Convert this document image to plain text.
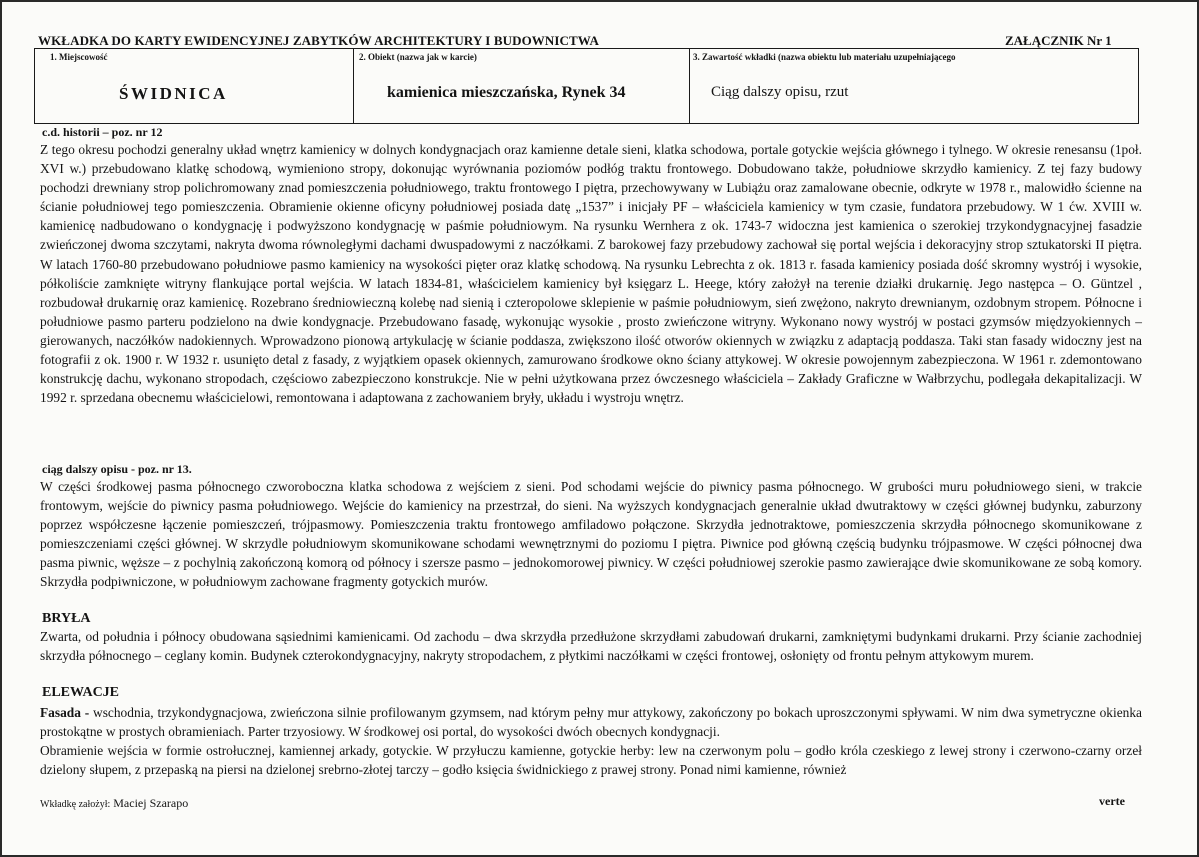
WKŁADKA DO KARTY EWIDENCYJNEJ ZABYTKÓW ARCHITEKTURY I BUDOWNICTWA	ZAŁĄCZNIK Nr 1
1. Miejscowość
ŚWIDNICA
2. Obiekt (nazwa jak w karcie)
kamienica mieszczańska, Rynek 34
3. Zawartość wkładki (nazwa obiektu lub materiału uzupełniającego
Ciąg dalszy opisu, rzut
c.d. historii – poz. nr 12

Z tego okresu pochodzi generalny układ wnętrz kamienicy w dolnych kondygnacjach oraz kamienne detale sieni, klatka schodowa, portale gotyckie wejścia głównego i tylnego. W okresie renesansu (1poł. XVI w.) przebudowano klatkę schodową, wymieniono stropy, dokonując wyrównania poziomów podłóg traktu frontowego. Dobudowano także, południowe skrzydło kamienicy. Z tej fazy budowy pochodzi drewniany strop polichromowany znad pomieszczenia południowego, traktu frontowego I piętra, przechowywany w Lubiążu oraz zamalowane obecnie, odkryte w 1978 r., malowidło ścienne na ścianie południowej tego pomieszczenia. Obramienie okienne oficyny południowej posiada datę „1537” i inicjały PF – właściciela kamienicy w tym czasie, fundatora przebudowy. W 1 ćw. XVIII w. kamienicę nadbudowano o kondygnację i podwyższono kondygnację w paśmie południowym. Na rysunku Wernhera z ok. 1743-7 widoczna jest kamienica o szerokiej trzykondygnacyjnej fasadzie zwieńczonej dwoma szczytami, nakryta dwoma równoległymi dachami dwuspadowymi z naczółkami. Z barokowej fazy przebudowy zachował się portal wejścia i dekoracyjny strop sztukatorski II piętra. W latach 1760-80 przebudowano południowe pasmo kamienicy na wysokości pięter oraz klatkę schodową. Na rysunku Lebrechta z ok. 1813 r. fasada kamienicy posiada dość skromny wystrój i wysokie, półkoliście zamknięte witryny flankujące portal wejścia. W latach 1834-81, właścicielem kamienicy był księgarz L. Heege, który założył na terenie działki drukarnię. Jego następca – O. Güntzel , rozbudował drukarnię oraz kamienicę. Rozebrano średniowieczną kolebę nad sienią i czteropolowe sklepienie w paśmie południowym, sień zwężono, nakryto drewnianym, ozdobnym stropem. Północne i południowe pasmo parteru podzielono na dwie kondygnacje. Przebudowano fasadę, wykonując wysokie , prosto zwieńczone witryny. Wykonano nowy wystrój w postaci gzymsów międzyokiennych – gierowanych, naczółków nadokiennych. Wprowadzono pionową artykulację w ścianie poddasza, zwiększono ilość otworów okiennych w związku z adaptacją poddasza. Taki stan fasady widoczny jest na fotografii z ok. 1900 r. W 1932 r. usunięto detal z fasady, z wyjątkiem opasek okiennych, zamurowano środkowe okno ściany attykowej. W okresie powojennym zabezpieczona. W 1961 r. zdemontowano konstrukcję dachu, wykonano stropodach, częściowo zabezpieczono konstrukcje. Nie w pełni użytkowana przez ówczesnego właściciela – Zakłady Graficzne w Wałbrzychu, podlegała dekapitalizacji. W 1992 r. sprzedana obecnemu właścicielowi, remontowana i adaptowana z zachowaniem bryły, układu i wystroju wnętrz.

ciąg dalszy opisu - poz. nr 13.

W części środkowej pasma północnego czworoboczna klatka schodowa z wejściem z sieni. Pod schodami wejście do piwnicy pasma północnego. W grubości muru południowego sieni, w trakcie frontowym, wejście do piwnicy pasma południowego. Wejście do kamienicy na przestrzał, do sieni. Na wyższych kondygnacjach generalnie układ dwutraktowy w części głównej budynku, zaburzony poprzez współczesne łączenie pomieszczeń, trójpasmowy. Pomieszczenia traktu frontowego amfiladowo połączone. Skrzydła jednotraktowe, pomieszczenia skrzydła północnego skomunikowane z pomieszczeniami części głównej. W skrzydle południowym skomunikowane schodami wewnętrznymi do poziomu I piętra. Piwnice pod główną częścią budynku trójpasmowe. W części północnej dwa pasma piwnic, węższe – z pochylnią zakończoną komorą od północy i szersze pasmo – jednokomorowej piwnicy. W części południowej szerokie pasmo zawierające dwie skomunikowane ze sobą komory. Skrzydła podpiwniczone, w południowym zachowane fragmenty gotyckich murów.

BRYŁA

Zwarta, od południa i północy obudowana sąsiednimi kamienicami. Od zachodu – dwa skrzydła przedłużone skrzydłami zabudowań drukarni, zamkniętymi budynkami drukarni. Przy ścianie zachodniej skrzydła północnego – ceglany komin. Budynek czterokondygnacyjny, nakryty stropodachem, z płytkimi naczółkami w części frontowej, osłonięty od frontu pełnym attykowym murem.

ELEWACJE

Fasada - wschodnia, trzykondygnacjowa, zwieńczona silnie profilowanym gzymsem, nad którym pełny mur attykowy, zakończony po bokach uproszczonymi spływami. W nim dwa symetryczne okienka prostokątne w prostych obramieniach. Parter trzyosiowy. W środkowej osi portal, do wysokości dwóch obecnych kondygnacji.

Obramienie wejścia w formie ostrołucznej, kamiennej arkady, gotyckie. W przyłuczu kamienne, gotyckie herby: lew na czerwonym polu – godło króla czeskiego z lewej strony i czerwono-czarny orzeł dzielony słupem, z przepaską na piersi na dzielonej srebrno-złotej tarczy – godło księcia świdnickiego z prawej strony. Ponad nimi kamienne, również

Wkładkę założył: Maciej Szarapo	verte
